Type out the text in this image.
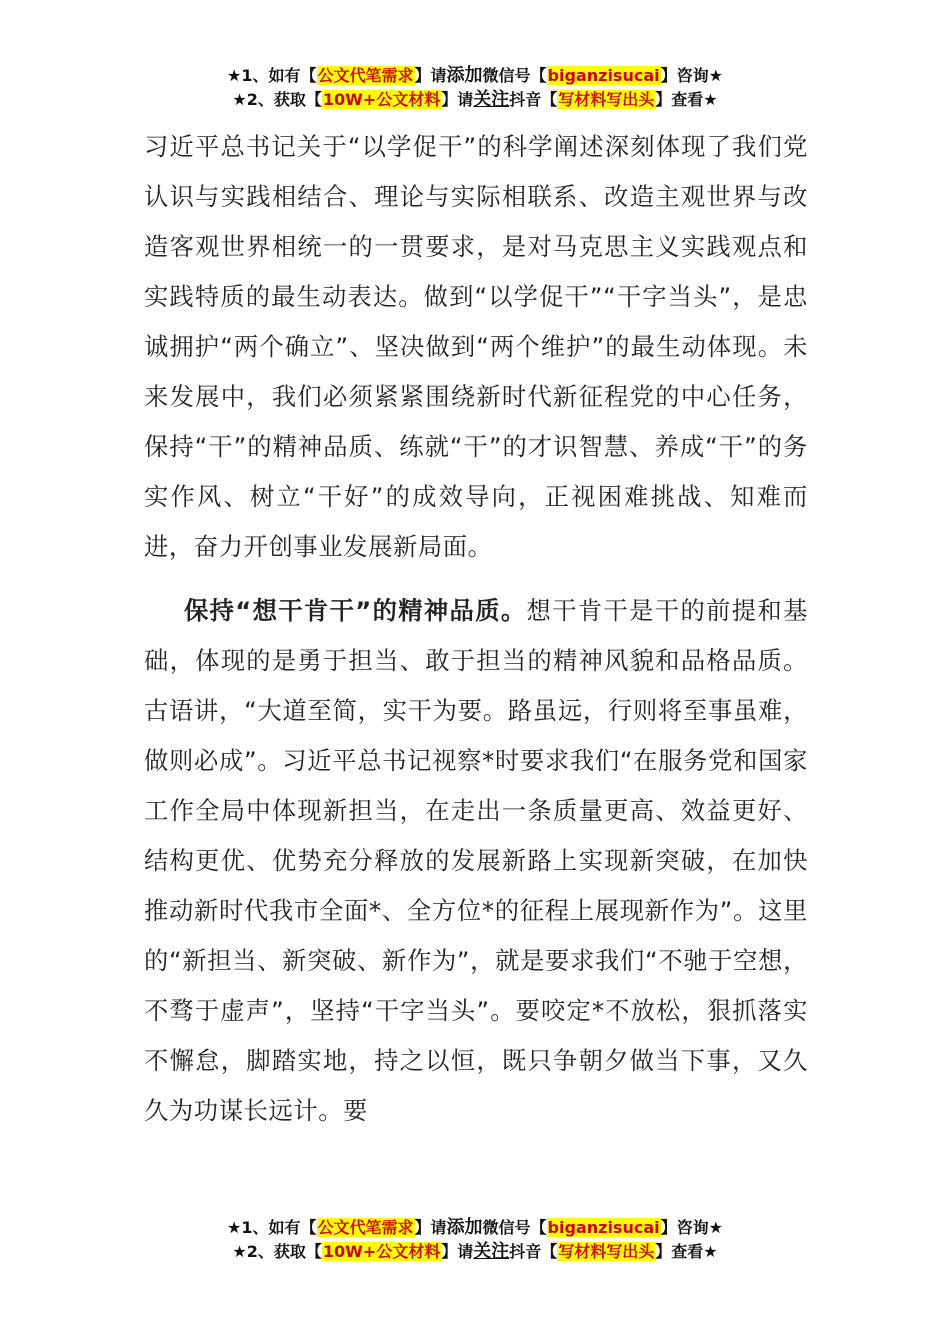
★1、如有【公文代笔需求】请添加微信号【biganzisucai】咨询★
★2、获取【10W+公文材料】请关注抖音【写材料写出头】查看★

习近平总书记关于“以学促干”的科学阐述深刻体现了我们党认识与实践相结合、理论与实际相联系、改造主观世界与改造客观世界相统一的一贯要求，是对马克思主义实践观点和实践特质的最生动表达。做到“以学促干”“干字当头”，是忠诚拥护“两个确立”、坚决做到“两个维护”的最生动体现。未来发展中，我们必须紧紧围绕新时代新征程党的中心任务，保持“干”的精神品质、练就“干”的才识智慧、养成“干”的务实作风、树立“干好”的成效导向，正视困难挑战、知难而进，奋力开创事业发展新局面。

保持“想干肯干”的精神品质。想干肯干是干的前提和基础，体现的是勇于担当、敢于担当的精神风貌和品格品质。古语讲，“大道至简，实干为要。路虽远，行则将至事虽难，做则必成”。习近平总书记视察*时要求我们“在服务党和国家工作全局中体现新担当，在走出一条质量更高、效益更好、结构更优、优势充分释放的发展新路上实现新突破，在加快推动新时代我市全面*、全方位*的征程上展现新作为”。这里的“新担当、新突破、新作为”，就是要求我们“不驰于空想，不骛于虚声”，坚持“干字当头”。要咬定*不放松，狠抓落实不懈怠，脚踏实地，持之以恒，既只争朝夕做当下事，又久久为功谋长远计。要

★1、如有【公文代笔需求】请添加微信号【biganzisucai】咨询★
★2、获取【10W+公文材料】请关注抖音【写材料写出头】查看★
